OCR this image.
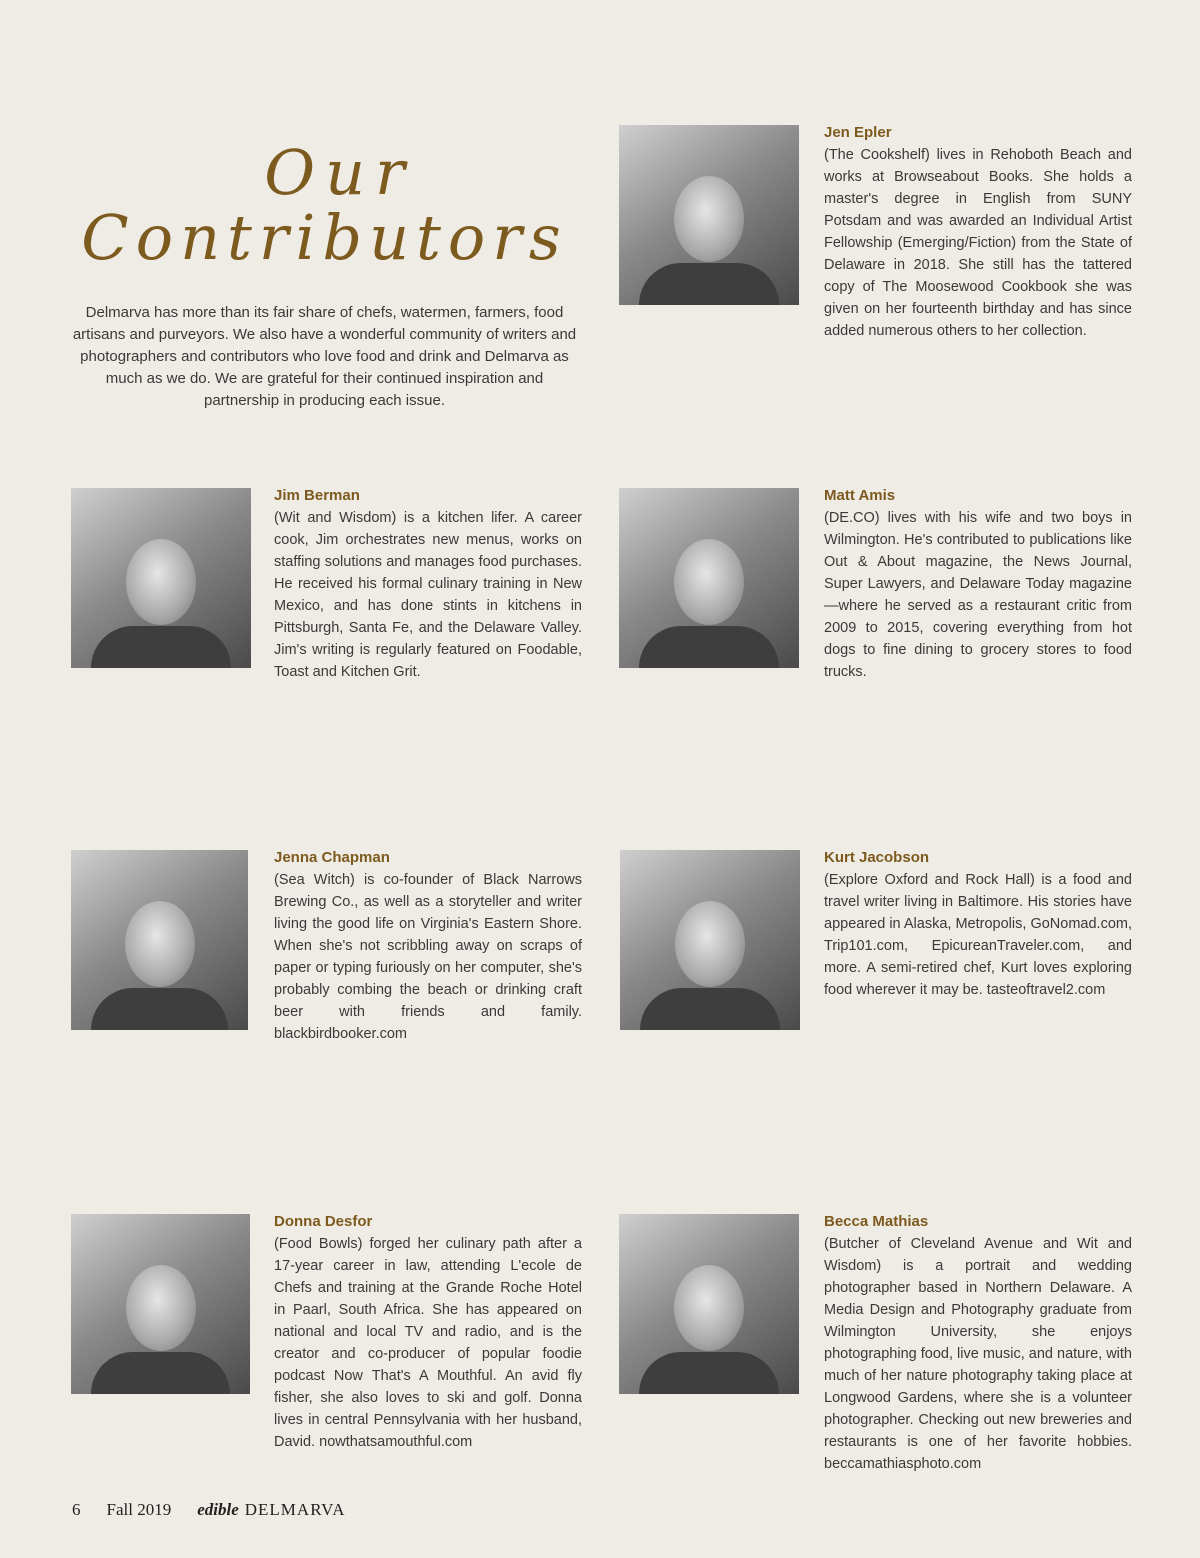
Our
Contributors
Delmarva has more than its fair share of chefs, watermen, farmers, food artisans and purveyors. We also have a wonderful community of writers and photographers and contributors who love food and drink and Delmarva as much as we do. We are grateful for their continued inspiration and partnership in producing each issue.
Jen Epler
(The Cookshelf) lives in Rehoboth Beach and works at Browseabout Books. She holds a master's degree in English from SUNY Potsdam and was awarded an Individual Artist Fellowship (Emerging/Fiction) from the State of Delaware in 2018. She still has the tattered copy of The Moosewood Cookbook she was given on her fourteenth birthday and has since added numerous others to her collection.
Jim Berman
(Wit and Wisdom) is a kitchen lifer. A career cook, Jim orchestrates new menus, works on staffing solutions and manages food purchases. He received his formal culinary training in New Mexico, and has done stints in kitchens in Pittsburgh, Santa Fe, and the Delaware Valley. Jim's writing is regularly featured on Foodable, Toast and Kitchen Grit.
Matt Amis
(DE.CO) lives with his wife and two boys in Wilmington. He's contributed to publications like Out & About magazine, the News Journal, Super Lawyers, and Delaware Today magazine—where he served as a restaurant critic from 2009 to 2015, covering everything from hot dogs to fine dining to grocery stores to food trucks.
Jenna Chapman
(Sea Witch) is co-founder of Black Narrows Brewing Co., as well as a storyteller and writer living the good life on Virginia's Eastern Shore. When she's not scribbling away on scraps of paper or typing furiously on her computer, she's probably combing the beach or drinking craft beer with friends and family. blackbirdbooker.com
Kurt Jacobson
(Explore Oxford and Rock Hall) is a food and travel writer living in Baltimore. His stories have appeared in Alaska, Metropolis, GoNomad.com, Trip101.com, EpicureanTraveler.com, and more. A semi-retired chef, Kurt loves exploring food wherever it may be. tasteoftravel2.com
Donna Desfor
(Food Bowls) forged her culinary path after a 17-year career in law, attending L'ecole de Chefs and training at the Grande Roche Hotel in Paarl, South Africa. She has appeared on national and local TV and radio, and is the creator and co-producer of popular foodie podcast Now That's A Mouthful. An avid fly fisher, she also loves to ski and golf. Donna lives in central Pennsylvania with her husband, David. nowthatsamouthful.com
Becca Mathias
(Butcher of Cleveland Avenue and Wit and Wisdom) is a portrait and wedding photographer based in Northern Delaware. A Media Design and Photography graduate from Wilmington University, she enjoys photographing food, live music, and nature, with much of her nature photography taking place at Longwood Gardens, where she is a volunteer photographer. Checking out new breweries and restaurants is one of her favorite hobbies. beccamathiasphoto.com
6 Fall 2019 edible DELMARVA
